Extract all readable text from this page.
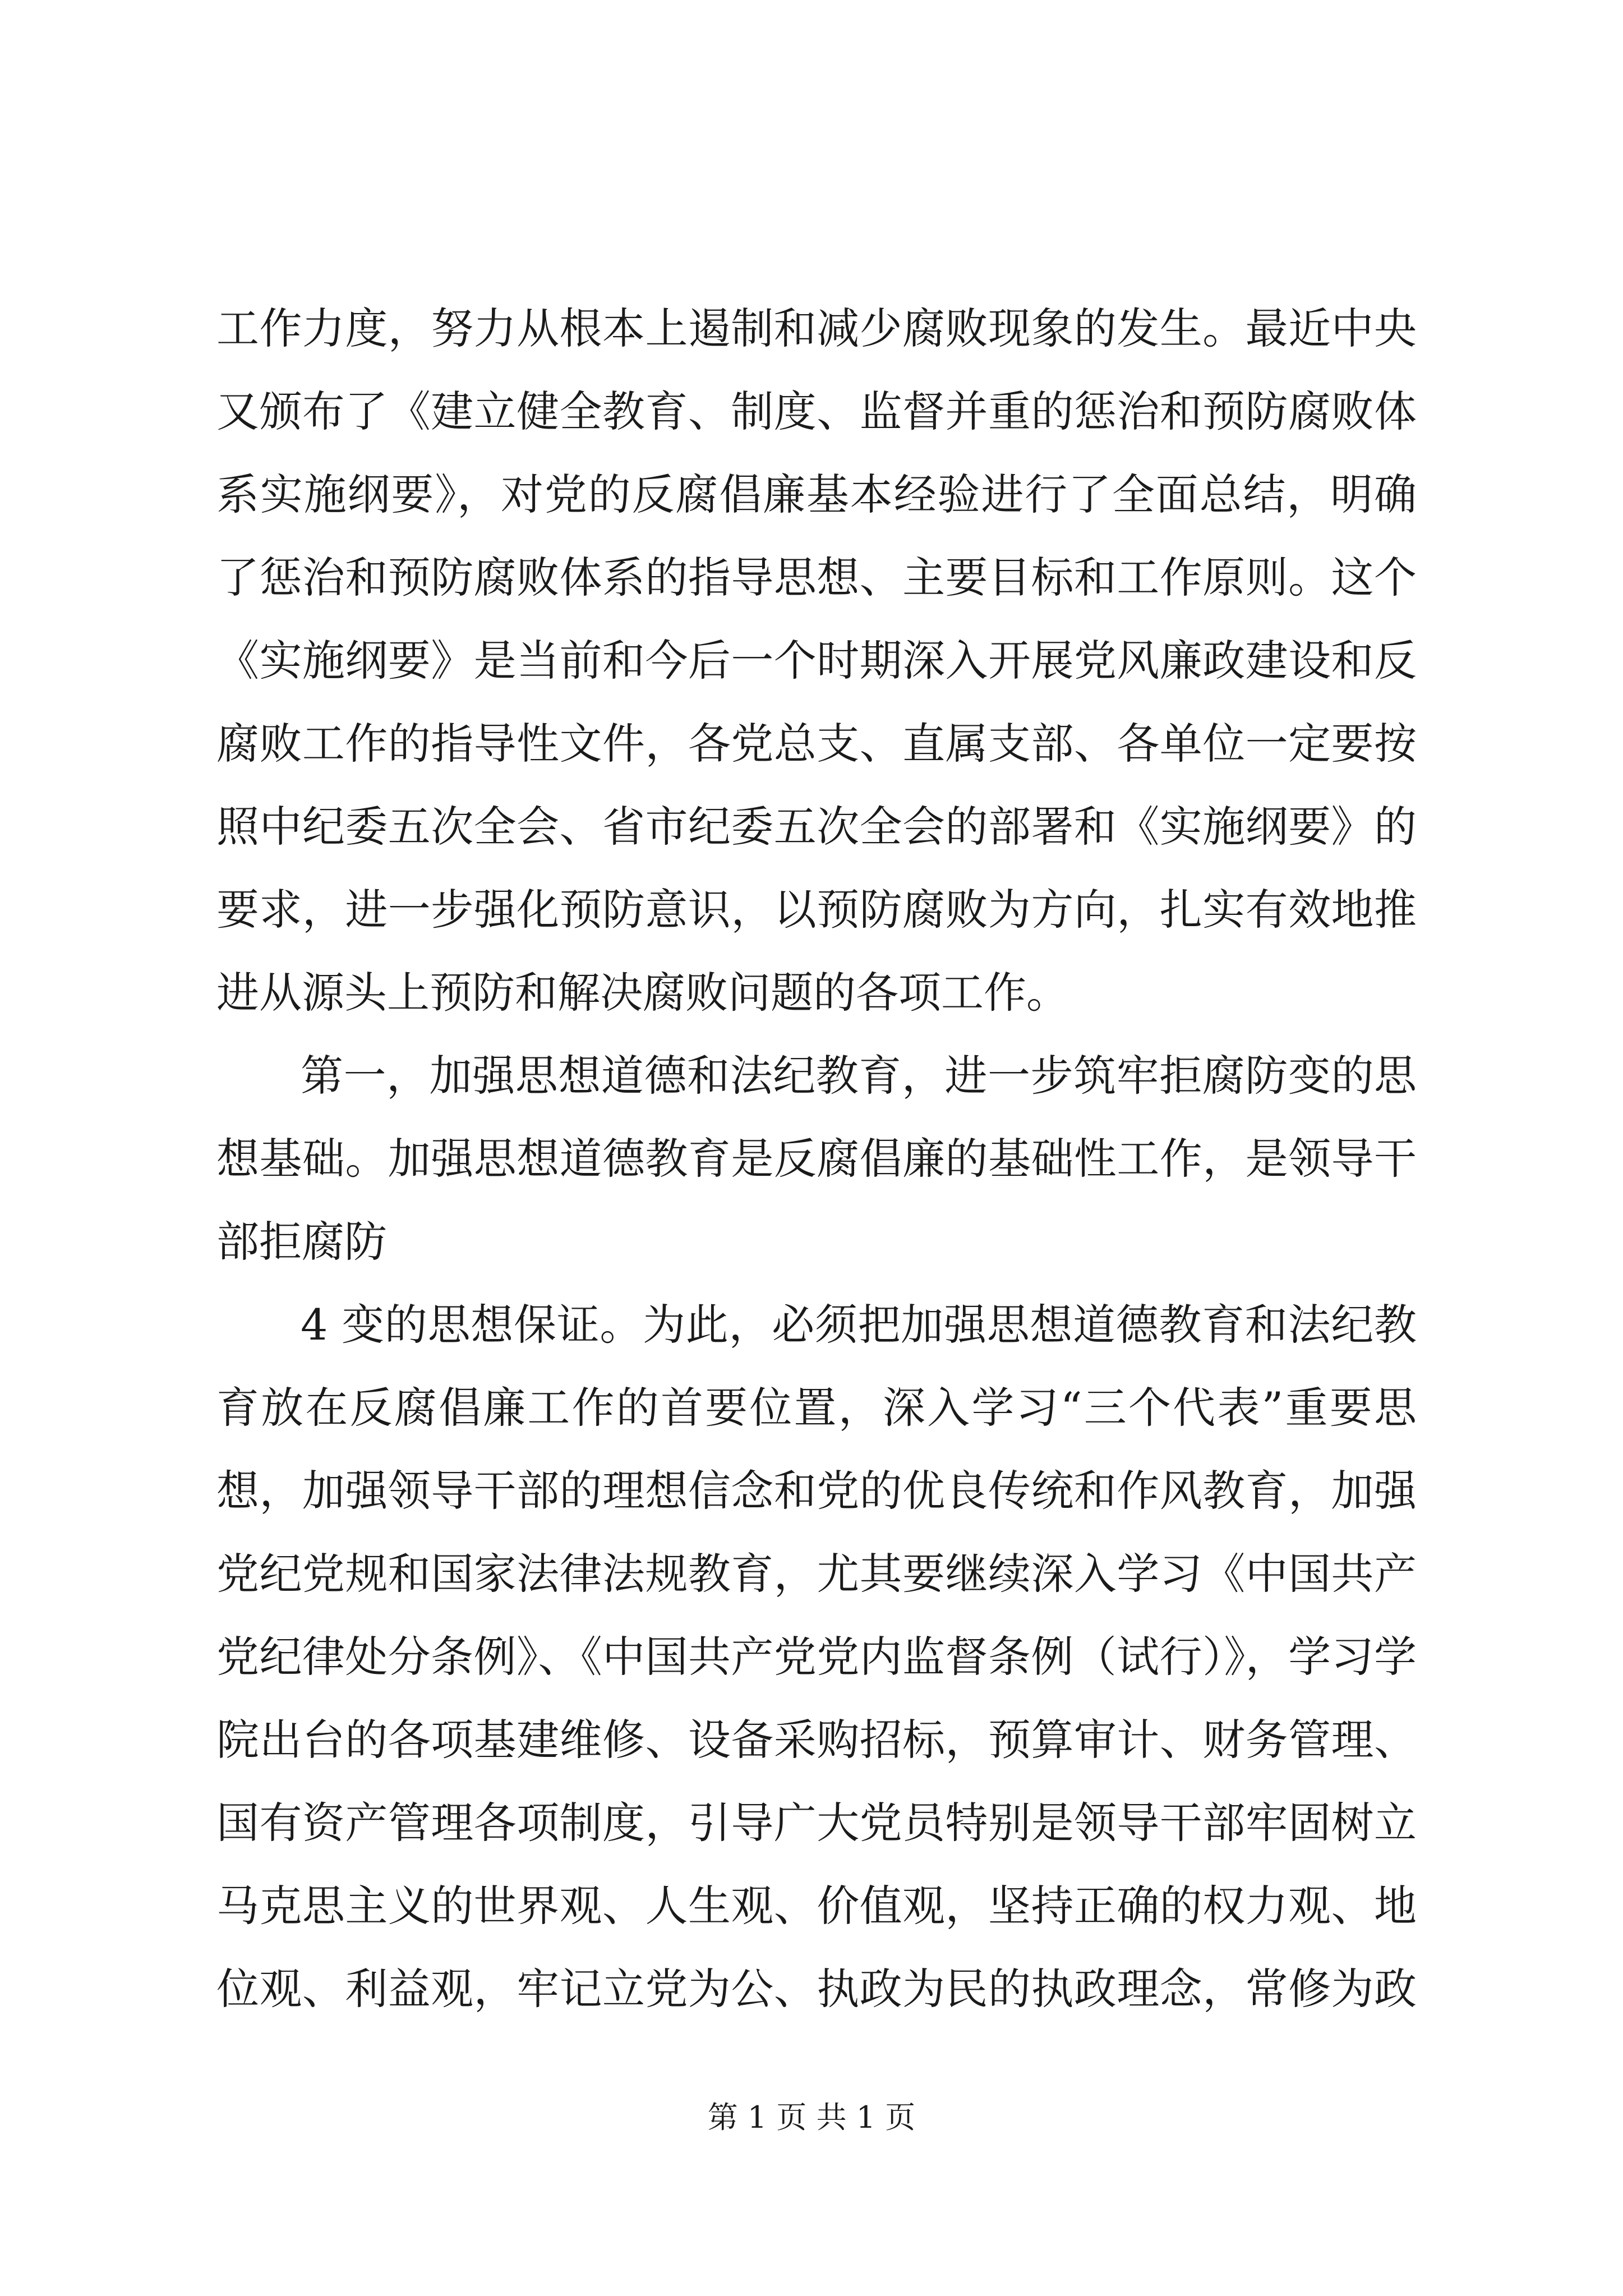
工作力度，努力从根本上遏制和减少腐败现象的发生。最近中央
又颁布了《建立健全教育、制度、监督并重的惩治和预防腐败体
系实施纲要》，对党的反腐倡廉基本经验进行了全面总结，明确
了惩治和预防腐败体系的指导思想、主要目标和工作原则。这个
《实施纲要》是当前和今后一个时期深入开展党风廉政建设和反
腐败工作的指导性文件，各党总支、直属支部、各单位一定要按
照中纪委五次全会、省市纪委五次全会的部署和《实施纲要》的
要求，进一步强化预防意识，以预防腐败为方向，扎实有效地推
进从源头上预防和解决腐败问题的各项工作。
第一，加强思想道德和法纪教育，进一步筑牢拒腐防变的思
想基础。加强思想道德教育是反腐倡廉的基础性工作，是领导干
部拒腐防
4 变的思想保证。为此，必须把加强思想道德教育和法纪教
育放在反腐倡廉工作的首要位置，深入学习“三个代表”重要思
想，加强领导干部的理想信念和党的优良传统和作风教育，加强
党纪党规和国家法律法规教育，尤其要继续深入学习《中国共产
党纪律处分条例》、《中国共产党党内监督条例（试行）》，学习学
院出台的各项基建维修、设备采购招标，预算审计、财务管理、
国有资产管理各项制度，引导广大党员特别是领导干部牢固树立
马克思主义的世界观、人生观、价值观，坚持正确的权力观、地
位观、利益观，牢记立党为公、执政为民的执政理念，常修为政
第 1 页 共 1 页
